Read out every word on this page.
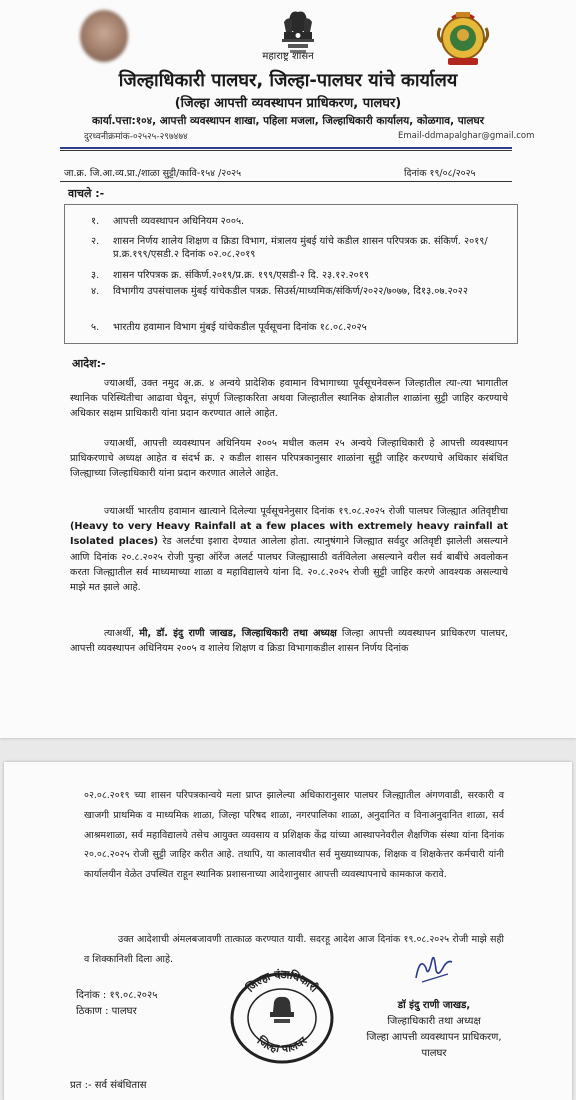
महाराष्ट्र शासन
जिल्हाधिकारी पालघर, जिल्हा-पालघर यांचे कार्यालय
(जिल्हा आपत्ती व्यवस्थापन प्राधिकरण, पालघर)
कार्या.पत्ता:१०४, आपत्ती व्यवस्थापन शाखा, पहिला मजला, जिल्हाधिकारी कार्यालय, कोळगाव, पालघर
दुरध्वनीक्रमांक-०२५२५-२९७४७४	Email-ddmapalghar@gmail.com
जा.क्र. जि.आ.व्य.प्रा./शाळा सुट्टी/कावि-१५४ /२०२५	दिनांक १९/०८/२०२५
वाचले :-
१. आपत्ती व्यवस्थापन अधिनियम २००५.
२. शासन निर्णय शालेय शिक्षण व क्रिडा विभाग, मंत्रालय मुंबई यांचे कडील शासन परिपत्रक क्र. संकिर्ण. २०१९/प्र.क्र.१९९/एसडी.२ दिनांक ०२.०८.२०१९
३. शासन परिपत्रक क्र. संकिर्ण.२०१९/प्र.क्र. १९९/एसडी-२ दि. २३.१२.२०१९
४. विभागीय उपसंचालक मुंबई यांचेकडील पत्रक्र. सिउर्स/माध्यमिक/संकिर्ण/२०२२/७०७७, दि१३.०७.२०२२
५. भारतीय हवामान विभाग मुंबई यांचेकडील पूर्वसूचना दिनांक १८.०८.२०२५
आदेश:-
ज्याअर्थी, उक्त नमुद अ.क्र. ४ अन्वये प्रादेशिक हवामान विभागाच्या पूर्वसूचनेवरून जिल्हातील त्या-त्या भागातील स्थानिक परिस्थितीचा आढावा घेवून, संपूर्ण जिल्हाकरिता अथवा जिल्हातील स्थानिक क्षेत्रातील शाळांना सुट्टी जाहिर करण्याचे अधिकार सक्षम प्राधिकारी यांना प्रदान करण्यात आले आहेत.
ज्याअर्थी, आपत्ती व्यवस्थापन अधिनियम २००५ मधील कलम २५ अन्वये जिल्हाधिकारी हे आपत्ती व्यवस्थापन प्राधिकरणाचे अध्यक्ष आहेत व संदर्भ क्र. २ कडील शासन परिपत्रकानुसार शाळांना सुट्टी जाहिर करण्याचे अधिकार संबंधित जिल्ह्याच्या जिल्हाधिकारी यांना प्रदान करणात आलेले आहेत.
ज्याअर्थी भारतीय हवामान खात्याने दिलेल्या पूर्वसूचनेनुसार दिनांक १९.०८.२०२५ रोजी पालघर जिल्ह्यात अतिवृष्टीचा (Heavy to very Heavy Rainfall at a few places with extremely heavy rainfall at Isolated places) रेड अलर्टचा इशारा देण्यात आलेला होता. त्यानुषंगाने जिल्ह्यात सर्वदुर अतिवृष्टी झालेली असल्याने आणि दिनांक २०.८.२०२५ रोजी पुन्हा ऑरेंज अलर्ट पालघर जिल्ह्यासाठी वर्तविलेला असल्याने वरील सर्व बाबींचे अवलोकन करता जिल्ह्यातील सर्व माध्यमाच्या शाळा व महाविद्यालये यांना दि. २०.८.२०२५ रोजी सुट्टी जाहिर करणे आवश्यक असल्याचे माझे मत झाले आहे.
त्याअर्थी, मी, डॉ. इंदु राणी जाखड, जिल्हाधिकारी तथा अध्यक्ष जिल्हा आपत्ती व्यवस्थापन प्राधिकरण पालघर, आपत्ती व्यवस्थापन अधिनियम २००५ व शालेय शिक्षण व क्रिडा विभागाकडील शासन निर्णय दिनांक
०२.०८.२०१९ च्या शासन परिपत्रकान्वये मला प्राप्त झालेल्या अधिकारानुसार पालघर जिल्ह्यातील अंगणवाडी, सरकारी व खाजगी प्राथमिक व माध्यमिक शाळा, जिल्हा परिषद शाळा, नगरपालिका शाळा, अनुदानित व विनाअनुदानित शाळा, सर्व आश्रमशाळा, सर्व महाविद्यालये तसेच आयुक्त व्यवसाय व प्रशिक्षक केंद्र यांच्या आस्थापनेवरील शैक्षणिक संस्था यांना दिनांक २०.०८.२०२५ रोजी सुट्टी जाहिर करीत आहे. तथापि, या कालावधीत सर्व मुख्याध्यापक, शिक्षक व शिक्षकेत्तर कर्मचारी यांनी कार्यालयीन वेळेत उपस्थित राहून स्थानिक प्रशासनाच्या आदेशानुसार आपत्ती व्यवस्थापनाचे कामकाज करावे.
उक्त आदेशाची अंमलबजावणी तात्काळ करण्यात यावी. सदरहू आदेश आज दिनांक १९.०८.२०२५ रोजी माझे सही व शिक्कानिशी दिला आहे.
दिनांक : १९.०८.२०२५
ठिकाण : पालघर
जिल्हा दंडाधिकारी
जिल्हा पालघर
डॉ इंदु राणी जाखड,
जिल्हाधिकारी तथा अध्यक्ष
जिल्हा आपत्ती व्यवस्थापन प्राधिकरण,
पालघर
प्रत :- सर्व संबंधितास
